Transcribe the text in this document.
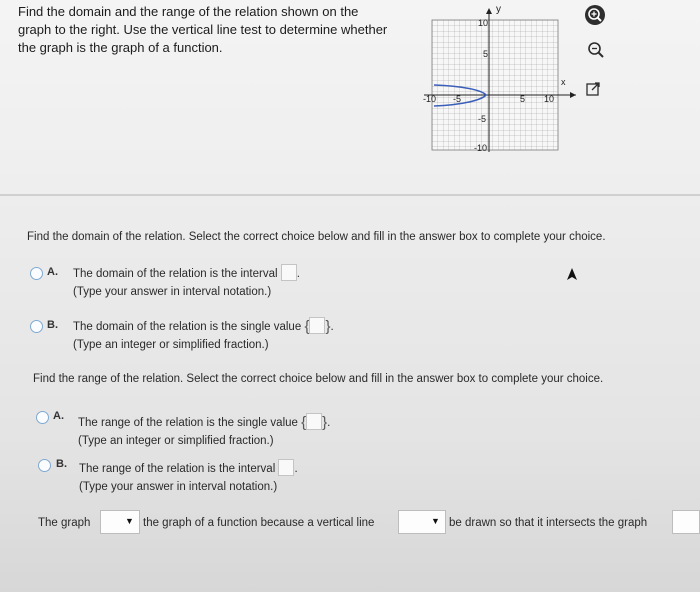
Find the domain and the range of the relation shown on the
graph to the right. Use the vertical line test to determine whether
the graph is the graph of a function.
y
x
10
5
-10 -5	5 10
-5
-10
Find the domain of the relation. Select the correct choice below and fill in the answer box to complete your choice.
A. The domain of the relation is the interval .
(Type your answer in interval notation.)
B. The domain of the relation is the single value { }.
(Type an integer or simplified fraction.)
Find the range of the relation. Select the correct choice below and fill in the answer box to complete your choice.
A.
The range of the relation is the single value { }.
(Type an integer or simplified fraction.)
B. The range of the relation is the interval .
(Type your answer in interval notation.)
The graph	▼ the graph of a function because a vertical line	▼ be drawn so that it intersects the graph
